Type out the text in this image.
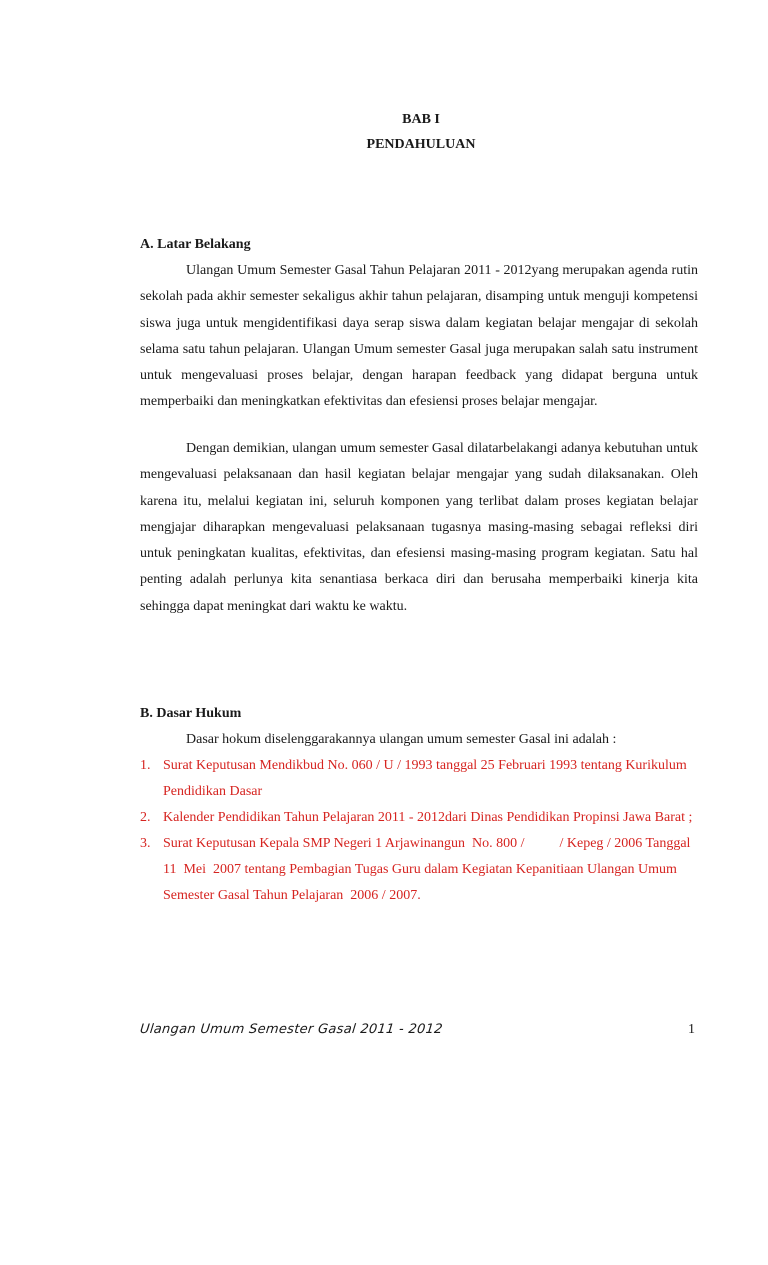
BAB I
PENDAHULUAN
A. Latar Belakang

Ulangan Umum Semester Gasal Tahun Pelajaran 2011 - 2012yang merupakan agenda rutin sekolah pada akhir semester sekaligus akhir tahun pelajaran, disamping untuk menguji kompetensi siswa juga untuk mengidentifikasi daya serap siswa dalam kegiatan belajar mengajar di sekolah selama satu tahun pelajaran. Ulangan Umum semester Gasal juga merupakan salah satu instrument untuk mengevaluasi proses belajar, dengan harapan feedback yang didapat berguna untuk memperbaiki dan meningkatkan efektivitas dan efesiensi proses belajar mengajar.

Dengan demikian, ulangan umum semester Gasal dilatarbelakangi adanya kebutuhan untuk mengevaluasi pelaksanaan dan hasil kegiatan belajar mengajar yang sudah dilaksanakan. Oleh karena itu, melalui kegiatan ini, seluruh komponen yang terlibat dalam proses kegiatan belajar mengjajar diharapkan mengevaluasi pelaksanaan tugasnya masing-masing sebagai refleksi diri untuk peningkatan kualitas, efektivitas, dan efesiensi masing-masing program kegiatan. Satu hal penting adalah perlunya kita senantiasa berkaca diri dan berusaha memperbaiki kinerja kita sehingga dapat meningkat dari waktu ke waktu.

B. Dasar Hukum

Dasar hokum diselenggarakannya ulangan umum semester Gasal ini adalah :

1. Surat Keputusan Mendikbud No. 060 / U / 1993 tanggal 25 Februari 1993 tentang Kurikulum Pendidikan Dasar
2. Kalender Pendidikan Tahun Pelajaran 2011 - 2012dari Dinas Pendidikan Propinsi Jawa Barat ;
3. Surat Keputusan Kepala SMP Negeri 1 Arjawinangun  No. 800 /          / Kepeg / 2006 Tanggal  11  Mei  2007 tentang Pembagian Tugas Guru dalam Kegiatan Kepanitiaan Ulangan Umum Semester Gasal Tahun Pelajaran  2006 / 2007.
Ulangan Umum Semester Gasal 2011 - 2012	1
